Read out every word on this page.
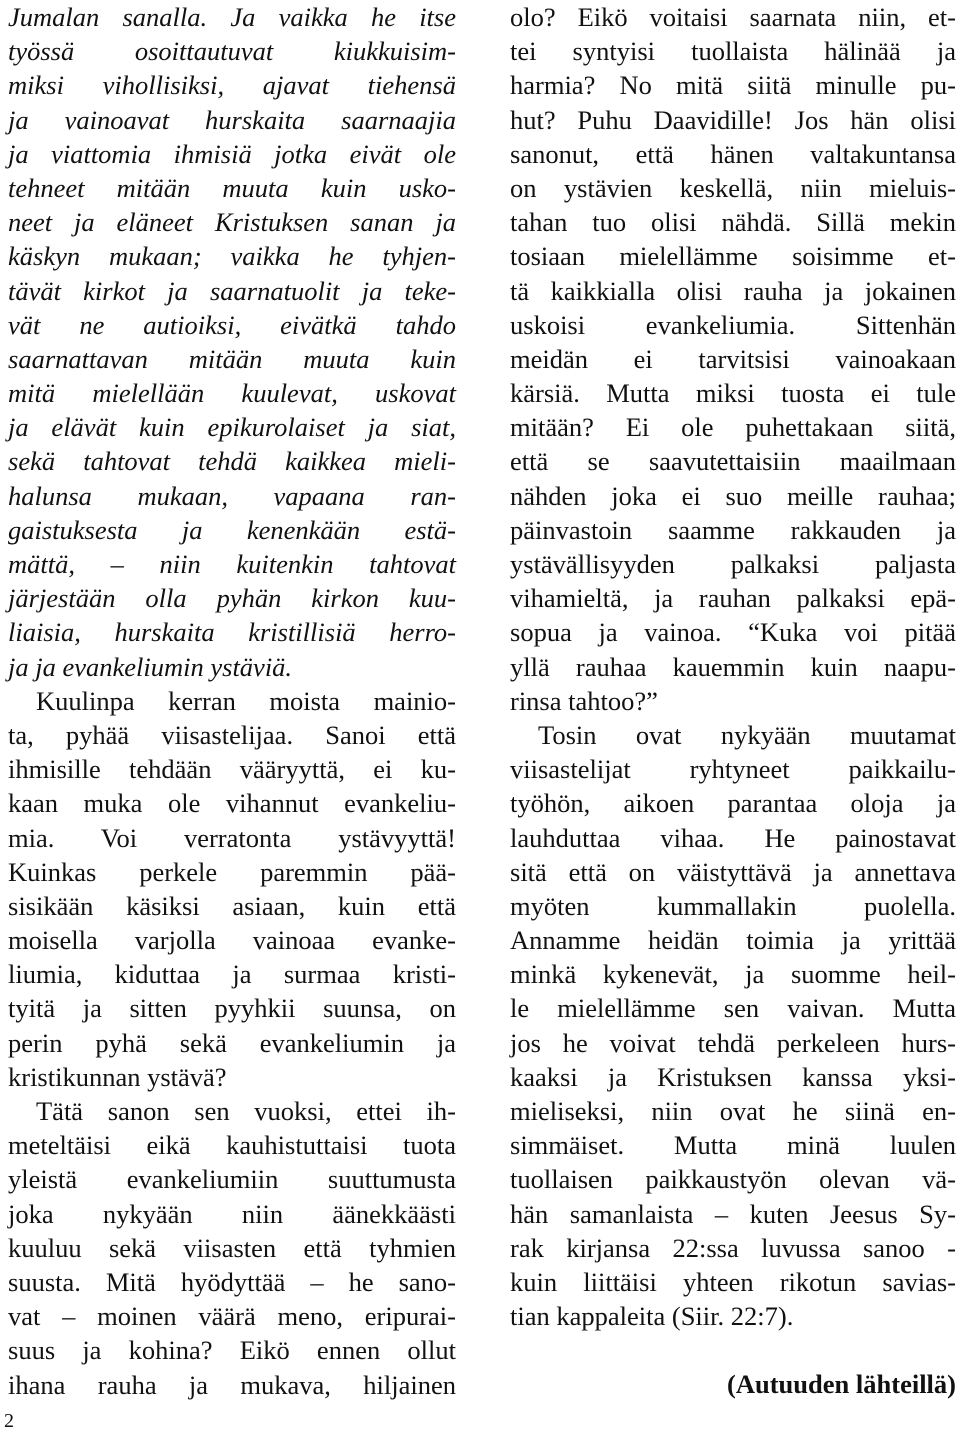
Jumalan sanalla. Ja vaikka he itse
työssä osoittautuvat kiukkuisim-
miksi vihollisiksi, ajavat tiehensä
ja vainoavat hurskaita saarnaajia
ja viattomia ihmisiä jotka eivät ole
tehneet mitään muuta kuin usko-
neet ja eläneet Kristuksen sanan ja
käskyn mukaan; vaikka he tyhjen-
tävät kirkot ja saarnatuolit ja teke-
vät ne autioiksi, eivätkä tahdo
saarnattavan mitään muuta kuin
mitä mielellään kuulevat, uskovat
ja elävät kuin epikurolaiset ja siat,
sekä tahtovat tehdä kaikkea mieli-
halunsa mukaan, vapaana ran-
gaistuksesta ja kenenkään estä-
mättä, – niin kuitenkin tahtovat
järjestään olla pyhän kirkon kuu-
liaisia, hurskaita kristillisiä herro-
ja ja evankeliumin ystäviä.
Kuulinpa kerran moista mainio-
ta, pyhää viisastelijaa. Sanoi että
ihmisille tehdään vääryyttä, ei ku-
kaan muka ole vihannut evankeliu-
mia. Voi verratonta ystävyyttä!
Kuinkas perkele paremmin pää-
sisikään käsiksi asiaan, kuin että
moisella varjolla vainoaa evanke-
liumia, kiduttaa ja surmaa kristi-
tyitä ja sitten pyyhkii suunsa, on
perin pyhä sekä evankeliumin ja
kristikunnan ystävä?
Tätä sanon sen vuoksi, ettei ih-
meteltäisi eikä kauhistuttaisi tuota
yleistä evankeliumiin suuttumusta
joka nykyään niin äänekkäästi
kuuluu sekä viisasten että tyhmien
suusta. Mitä hyödyttää – he sano-
vat – moinen väärä meno, eripurai-
suus ja kohina? Eikö ennen ollut
ihana rauha ja mukava, hiljainen
olo? Eikö voitaisi saarnata niin, et-
tei syntyisi tuollaista hälinää ja
harmia? No mitä siitä minulle pu-
hut? Puhu Daavidille! Jos hän olisi
sanonut, että hänen valtakuntansa
on ystävien keskellä, niin mieluis-
tahan tuo olisi nähdä. Sillä mekin
tosiaan mielellämme soisimme et-
tä kaikkialla olisi rauha ja jokainen
uskoisi evankeliumia. Sittenhän
meidän ei tarvitsisi vainoakaan
kärsiä. Mutta miksi tuosta ei tule
mitään? Ei ole puhettakaan siitä,
että se saavutettaisiin maailmaan
nähden joka ei suo meille rauhaa;
päinvastoin saamme rakkauden ja
ystävällisyyden palkaksi paljasta
vihamieltä, ja rauhan palkaksi epä-
sopua ja vainoa. “Kuka voi pitää
yllä rauhaa kauemmin kuin naapu-
rinsa tahtoo?”
Tosin ovat nykyään muutamat
viisastelijat ryhtyneet paikkailu-
työhön, aikoen parantaa oloja ja
lauhduttaa vihaa. He painostavat
sitä että on väistyttävä ja annettava
myöten kummallakin puolella.
Annamme heidän toimia ja yrittää
minkä kykenevät, ja suomme heil-
le mielellämme sen vaivan. Mutta
jos he voivat tehdä perkeleen hurs-
kaaksi ja Kristuksen kanssa yksi-
mieliseksi, niin ovat he siinä en-
simmäiset. Mutta minä luulen
tuollaisen paikkaustyön olevan vä-
hän samanlaista – kuten Jeesus Sy-
rak kirjansa 22:ssa luvussa sanoo -
kuin liittäisi yhteen rikotun savias-
tian kappaleita (Siir. 22:7).
(Autuuden lähteillä)
2
